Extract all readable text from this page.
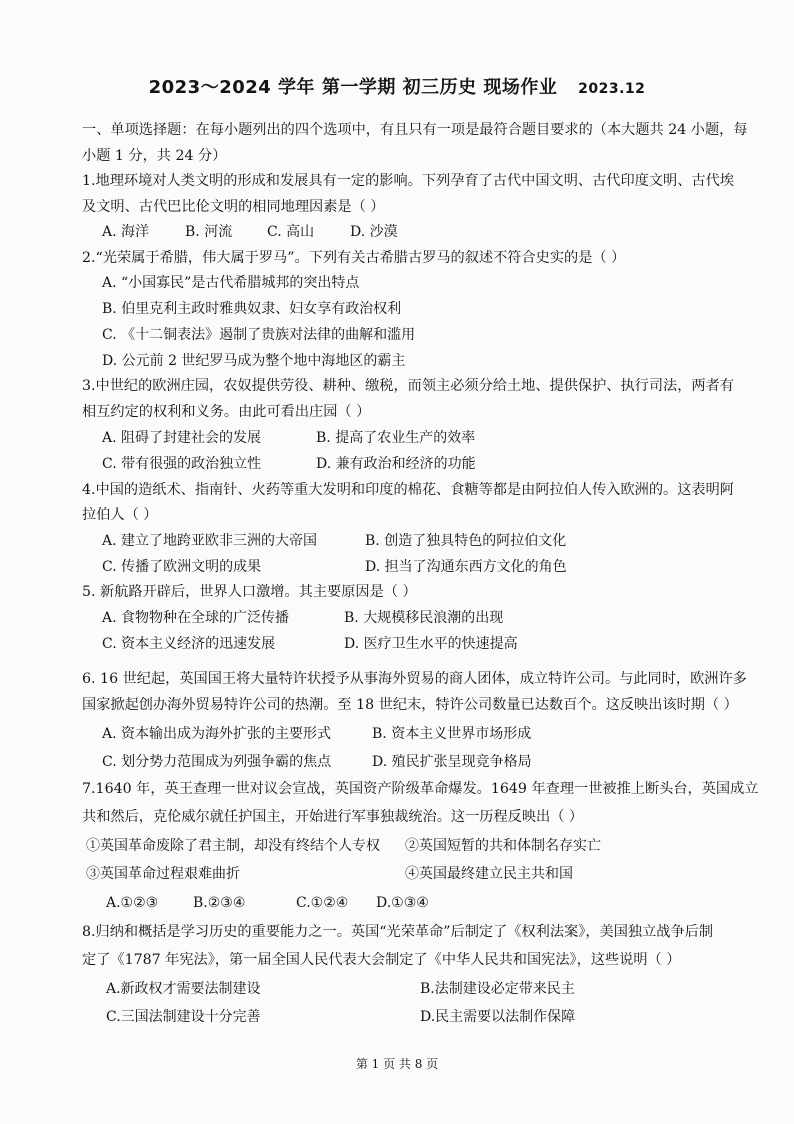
2023～2024 学年 第一学期 初三历史 现场作业 2023.12
一、单项选择题：在每小题列出的四个选项中，有且只有一项是最符合题目要求的（本大题共 24 小题，每
小题 1 分，共 24 分）
1.地理环境对人类文明的形成和发展具有一定的影响。下列孕育了古代中国文明、古代印度文明、古代埃
及文明、古代巴比伦文明的相同地理因素是（ ）
A. 海洋	B. 河流 C. 高山	D. 沙漠
2.“光荣属于希腊，伟大属于罗马”。下列有关古希腊古罗马的叙述不符合史实的是（ ）
A. “小国寡民”是古代希腊城邦的突出特点
B. 伯里克利主政时雅典奴隶、妇女享有政治权利
C. 《十二铜表法》遏制了贵族对法律的曲解和滥用
D. 公元前 2 世纪罗马成为整个地中海地区的霸主
3.中世纪的欧洲庄园，农奴提供劳役、耕种、缴税，而领主必须分给土地、提供保护、执行司法，两者有
相互约定的权利和义务。由此可看出庄园（ ）
A. 阻碍了封建社会的发展	B. 提高了农业生产的效率
C. 带有很强的政治独立性	D. 兼有政治和经济的功能
4.中国的造纸术、指南针、火药等重大发明和印度的棉花、食糖等都是由阿拉伯人传入欧洲的。这表明阿
拉伯人（ ）
A. 建立了地跨亚欧非三洲的大帝国	B. 创造了独具特色的阿拉伯文化
C. 传播了欧洲文明的成果	D. 担当了沟通东西方文化的角色
5. 新航路开辟后，世界人口激增。其主要原因是（ ）
A. 食物物种在全球的广泛传播	B. 大规模移民浪潮的出现
C. 资本主义经济的迅速发展	D. 医疗卫生水平的快速提高
6. 16 世纪起，英国国王将大量特许状授予从事海外贸易的商人团体，成立特许公司。与此同时，欧洲许多
国家掀起创办海外贸易特许公司的热潮。至 18 世纪末，特许公司数量已达数百个。这反映出该时期（ ）
A. 资本输出成为海外扩张的主要形式	B. 资本主义世界市场形成
C. 划分势力范围成为列强争霸的焦点	D. 殖民扩张呈现竞争格局
7.1640 年，英王查理一世对议会宣战，英国资产阶级革命爆发。1649 年查理一世被推上断头台，英国成立
共和然后，克伦威尔就任护国主，开始进行军事独裁统治。这一历程反映出（ ）
①英国革命废除了君主制，却没有终结个人专权 ②英国短暂的共和体制名存实亡
③英国革命过程艰难曲折	④英国最终建立民主共和国
A.①②③ B.②③④	C.①②④ D.①③④
8.归纳和概括是学习历史的重要能力之一。英国“光荣革命”后制定了《权利法案》，美国独立战争后制
定了《1787 年宪法》，第一届全国人民代表大会制定了《中华人民共和国宪法》，这些说明（ ）
A.新政权才需要法制建设	B.法制建设必定带来民主
C.三国法制建设十分完善	D.民主需要以法制作保障
第 1 页 共 8 页
